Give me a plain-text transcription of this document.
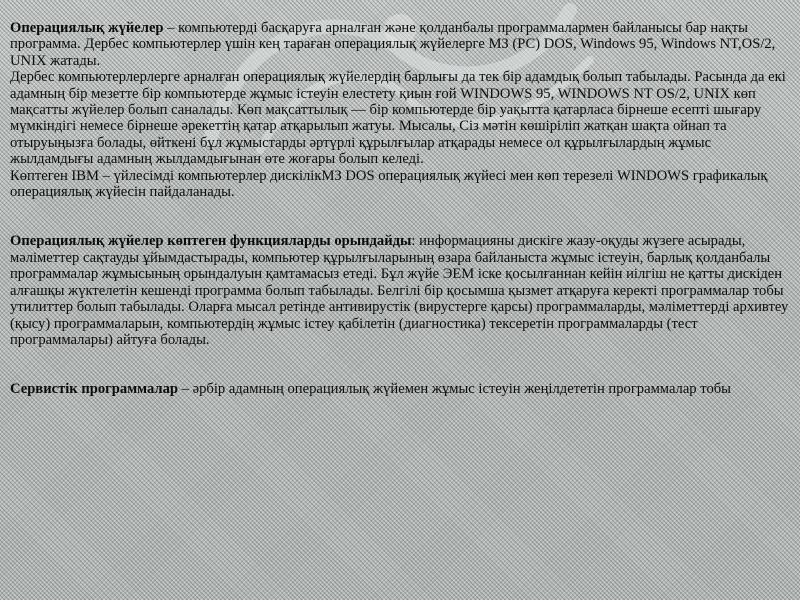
Операциялық жүйелер – компьютерді басқаруға арналған және қолданбалы программалармен байланысы бар нақты программа. Дербес компьютерлер үшін кең тараған операциялық жүйелерге МЗ (РС) DOS, Windows 95, Windows NT,OS/2, UNIX жатады.

Дербес компьютерлерлерге арналған операциялық жүйелердің барлығы да тек бір адамдық болып табылады. Расында да екі адамның бір мезетте бір компьютерде жұмыс істеуін елестету қиын ғой WINDOWS 95, WINDOWS NT OS/2, UNIX көп мақсатты жүйелер болып саналады. Көп мақсаттылық — бір компьютерде бір уақытта қатарласа бірнеше есепті шығару мүмкіндігі немесе бірнеше әрекеттің қатар атқарылып жатуы. Мысалы, Сіз мәтін көшіріліп жатқан шақта ойнап та отыруыңызға болады, өйткені бұл жұмыстарды әртүрлі құрылғылар атқарады немесе ол құрылғылардың жұмыс жылдамдығы адамның жылдамдығынан өте жоғары болып келеді.

Көптеген IBM – үйлесімді компьютерлер дискілікМЗ DOS операциялық жүйесі мен көп терезелі WINDOWS графикалық операциялық жүйесін пайдаланады.

Операциялық жүйелер көптеген функцияларды орындайды: информацияны дискіге жазу-оқуды жүзеге асырады, мәліметтер сақтауды ұйымдастырады, компьютер құрылғыларының өзара байланыста жұмыс істеуін, барлық қолданбалы программалар жұмысының орындалуын қамтамасыз етеді. Бұл жүйе ЭЕМ іске қосылғаннан кейін иілгіш не қатты дискіден алғашқы жүктелетін кешенді программа болып табылады. Белгілі бір қосымша қызмет атқаруға керекті программалар тобы утилиттер болып табылады. Оларға мысал ретінде антивирустік (вирустерге қарсы) программаларды, мәліметтерді архивтеу (қысу) программаларын, компьютердің жұмыс істеу қабілетін (диагностика) тексеретін программаларды (тест программалары) айтуға болады.

Сервистік программалар – әрбір адамның операциялық жүйемен жұмыс істеуін жеңілдететін программалар тобы
